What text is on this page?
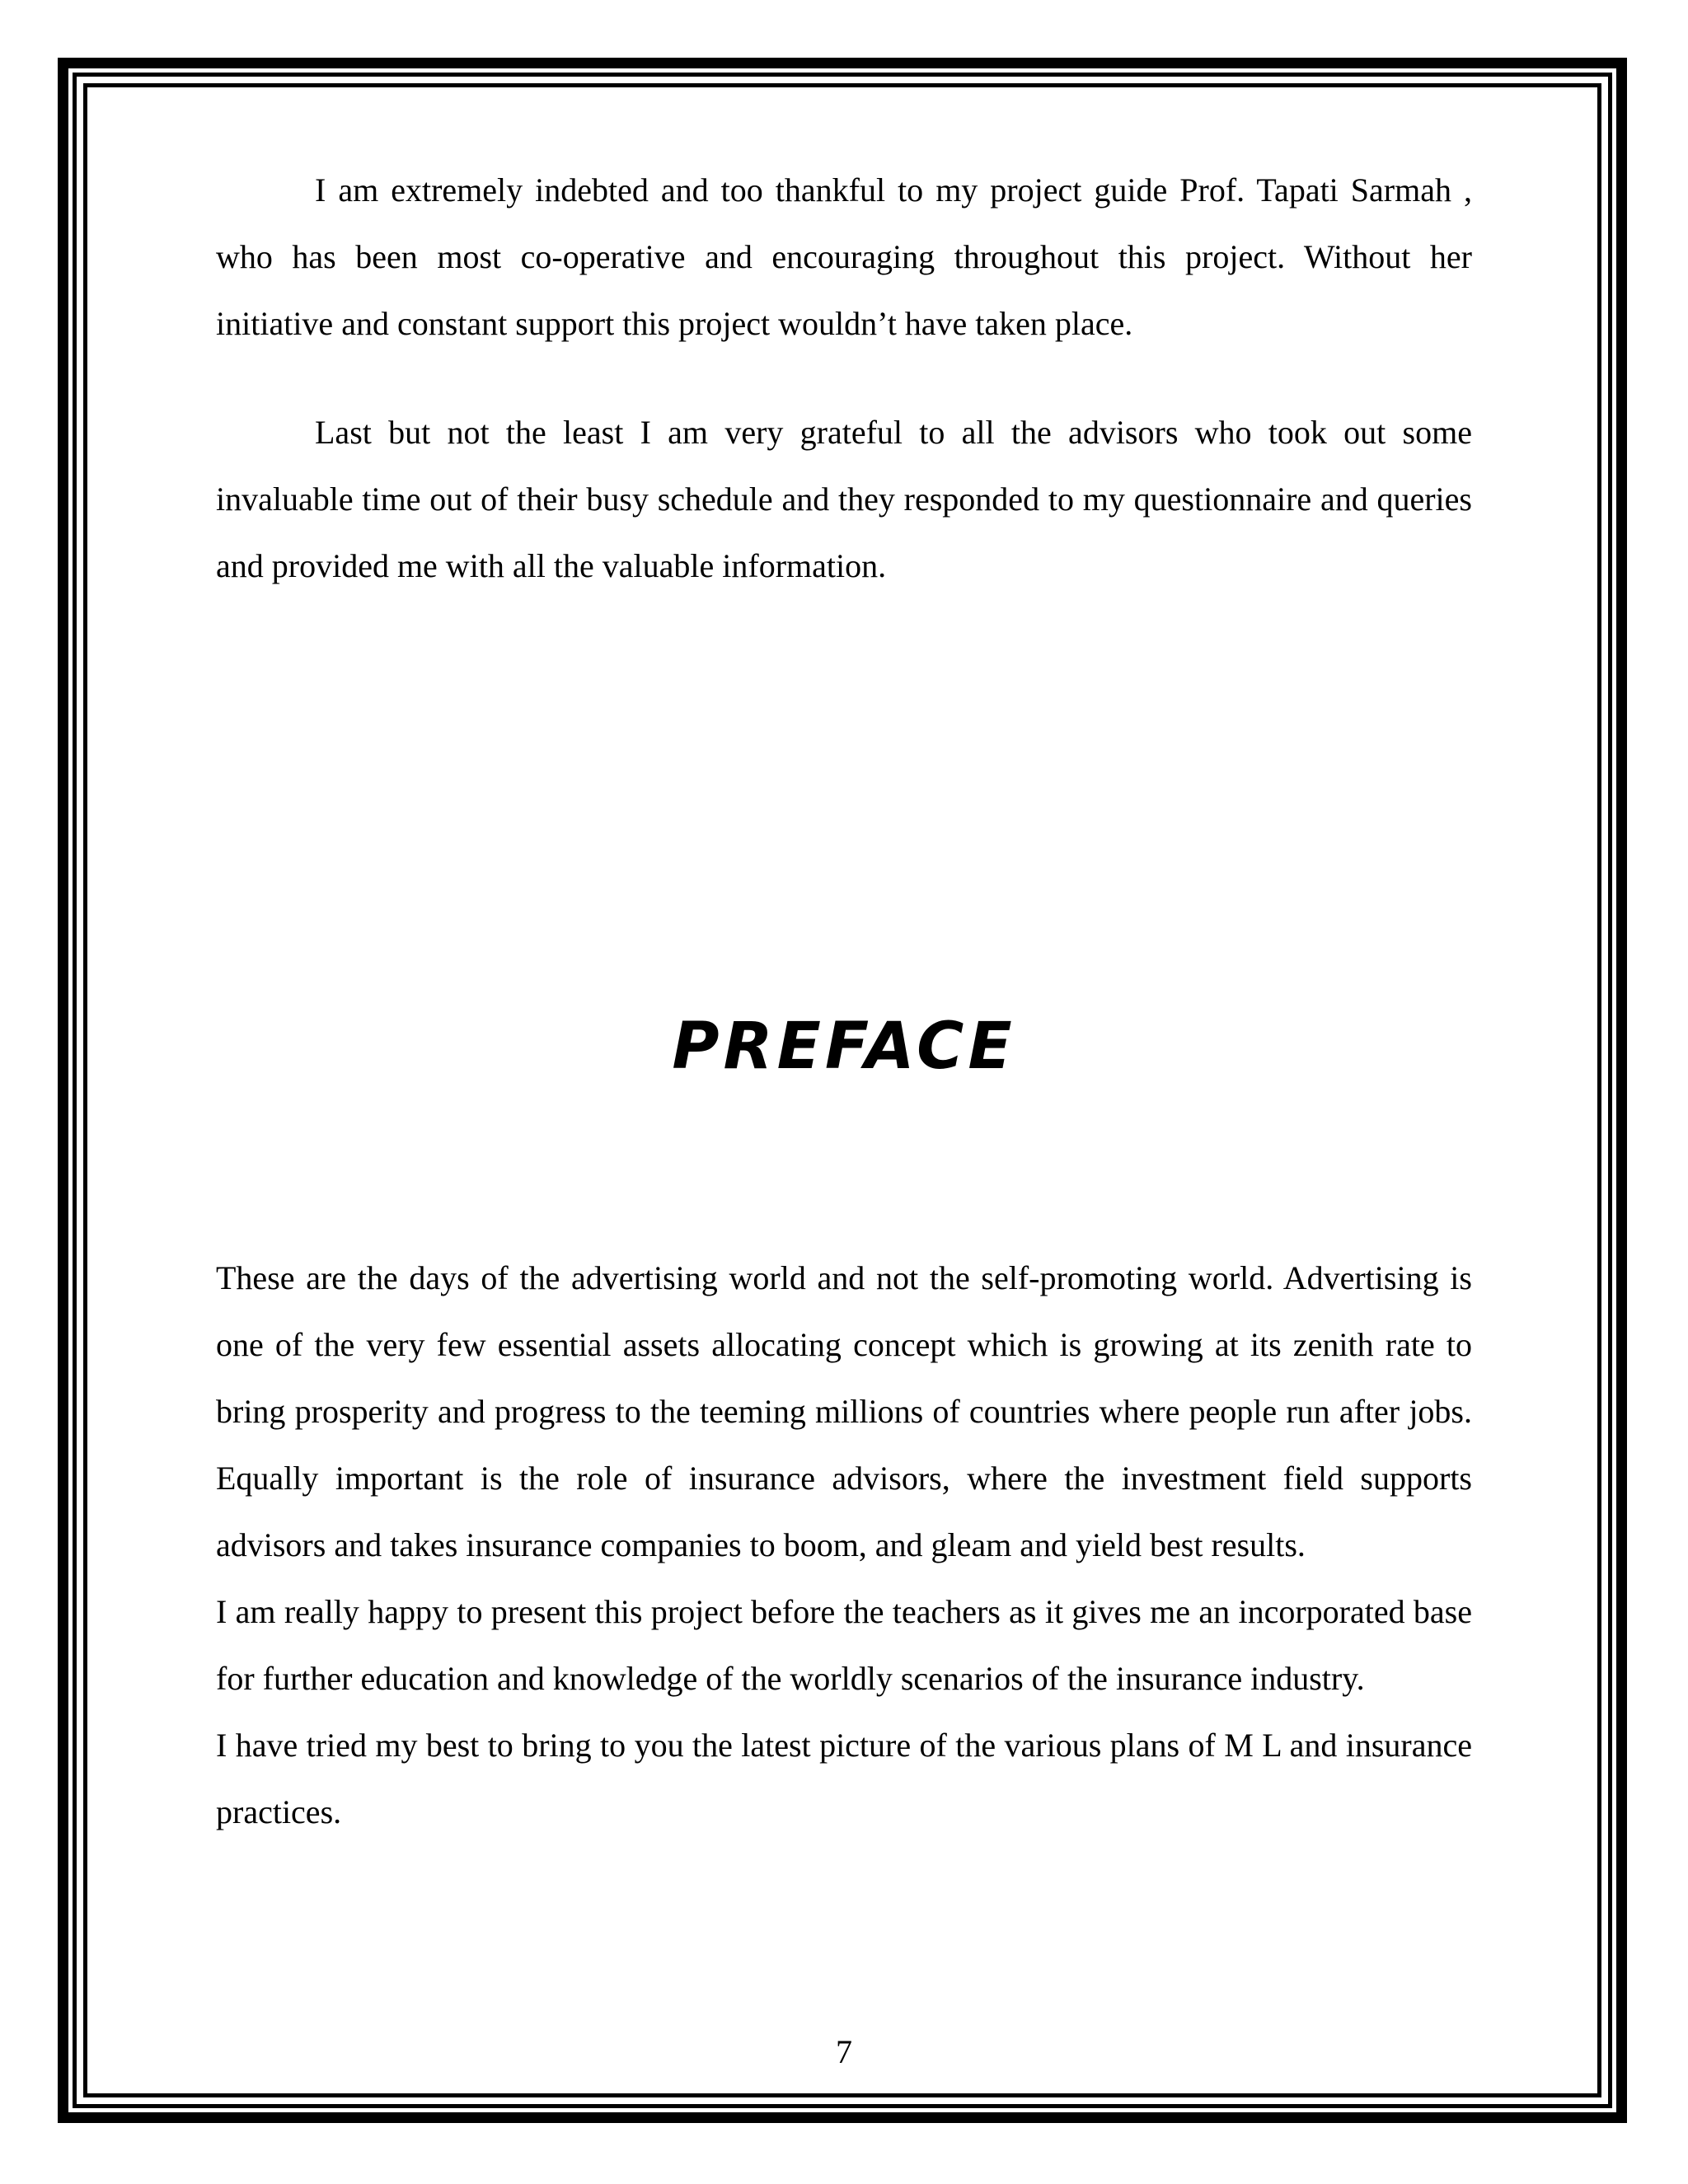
I am extremely indebted and too thankful to my project guide Prof. Tapati Sarmah , who has been most co-operative and encouraging throughout this project. Without her initiative and constant support this project wouldn’t have taken place.

Last but not the least I am very grateful to all the advisors who took out some invaluable time out of their busy schedule and they responded to my questionnaire and queries and provided me with all the valuable information.

PREFACE

These are the days of the advertising world and not the self-promoting world. Advertising is one of the very few essential assets allocating concept which is growing at its zenith rate to bring prosperity and progress to the teeming millions of countries where people run after jobs. Equally important is the role of insurance advisors, where the investment field supports advisors and takes insurance companies to boom, and gleam and yield best results.

I am really happy to present this project before the teachers as it gives me an incorporated base for further education and knowledge of the worldly scenarios of the insurance industry.

I have tried my best to bring to you the latest picture of the various plans of M L and insurance practices.

7
